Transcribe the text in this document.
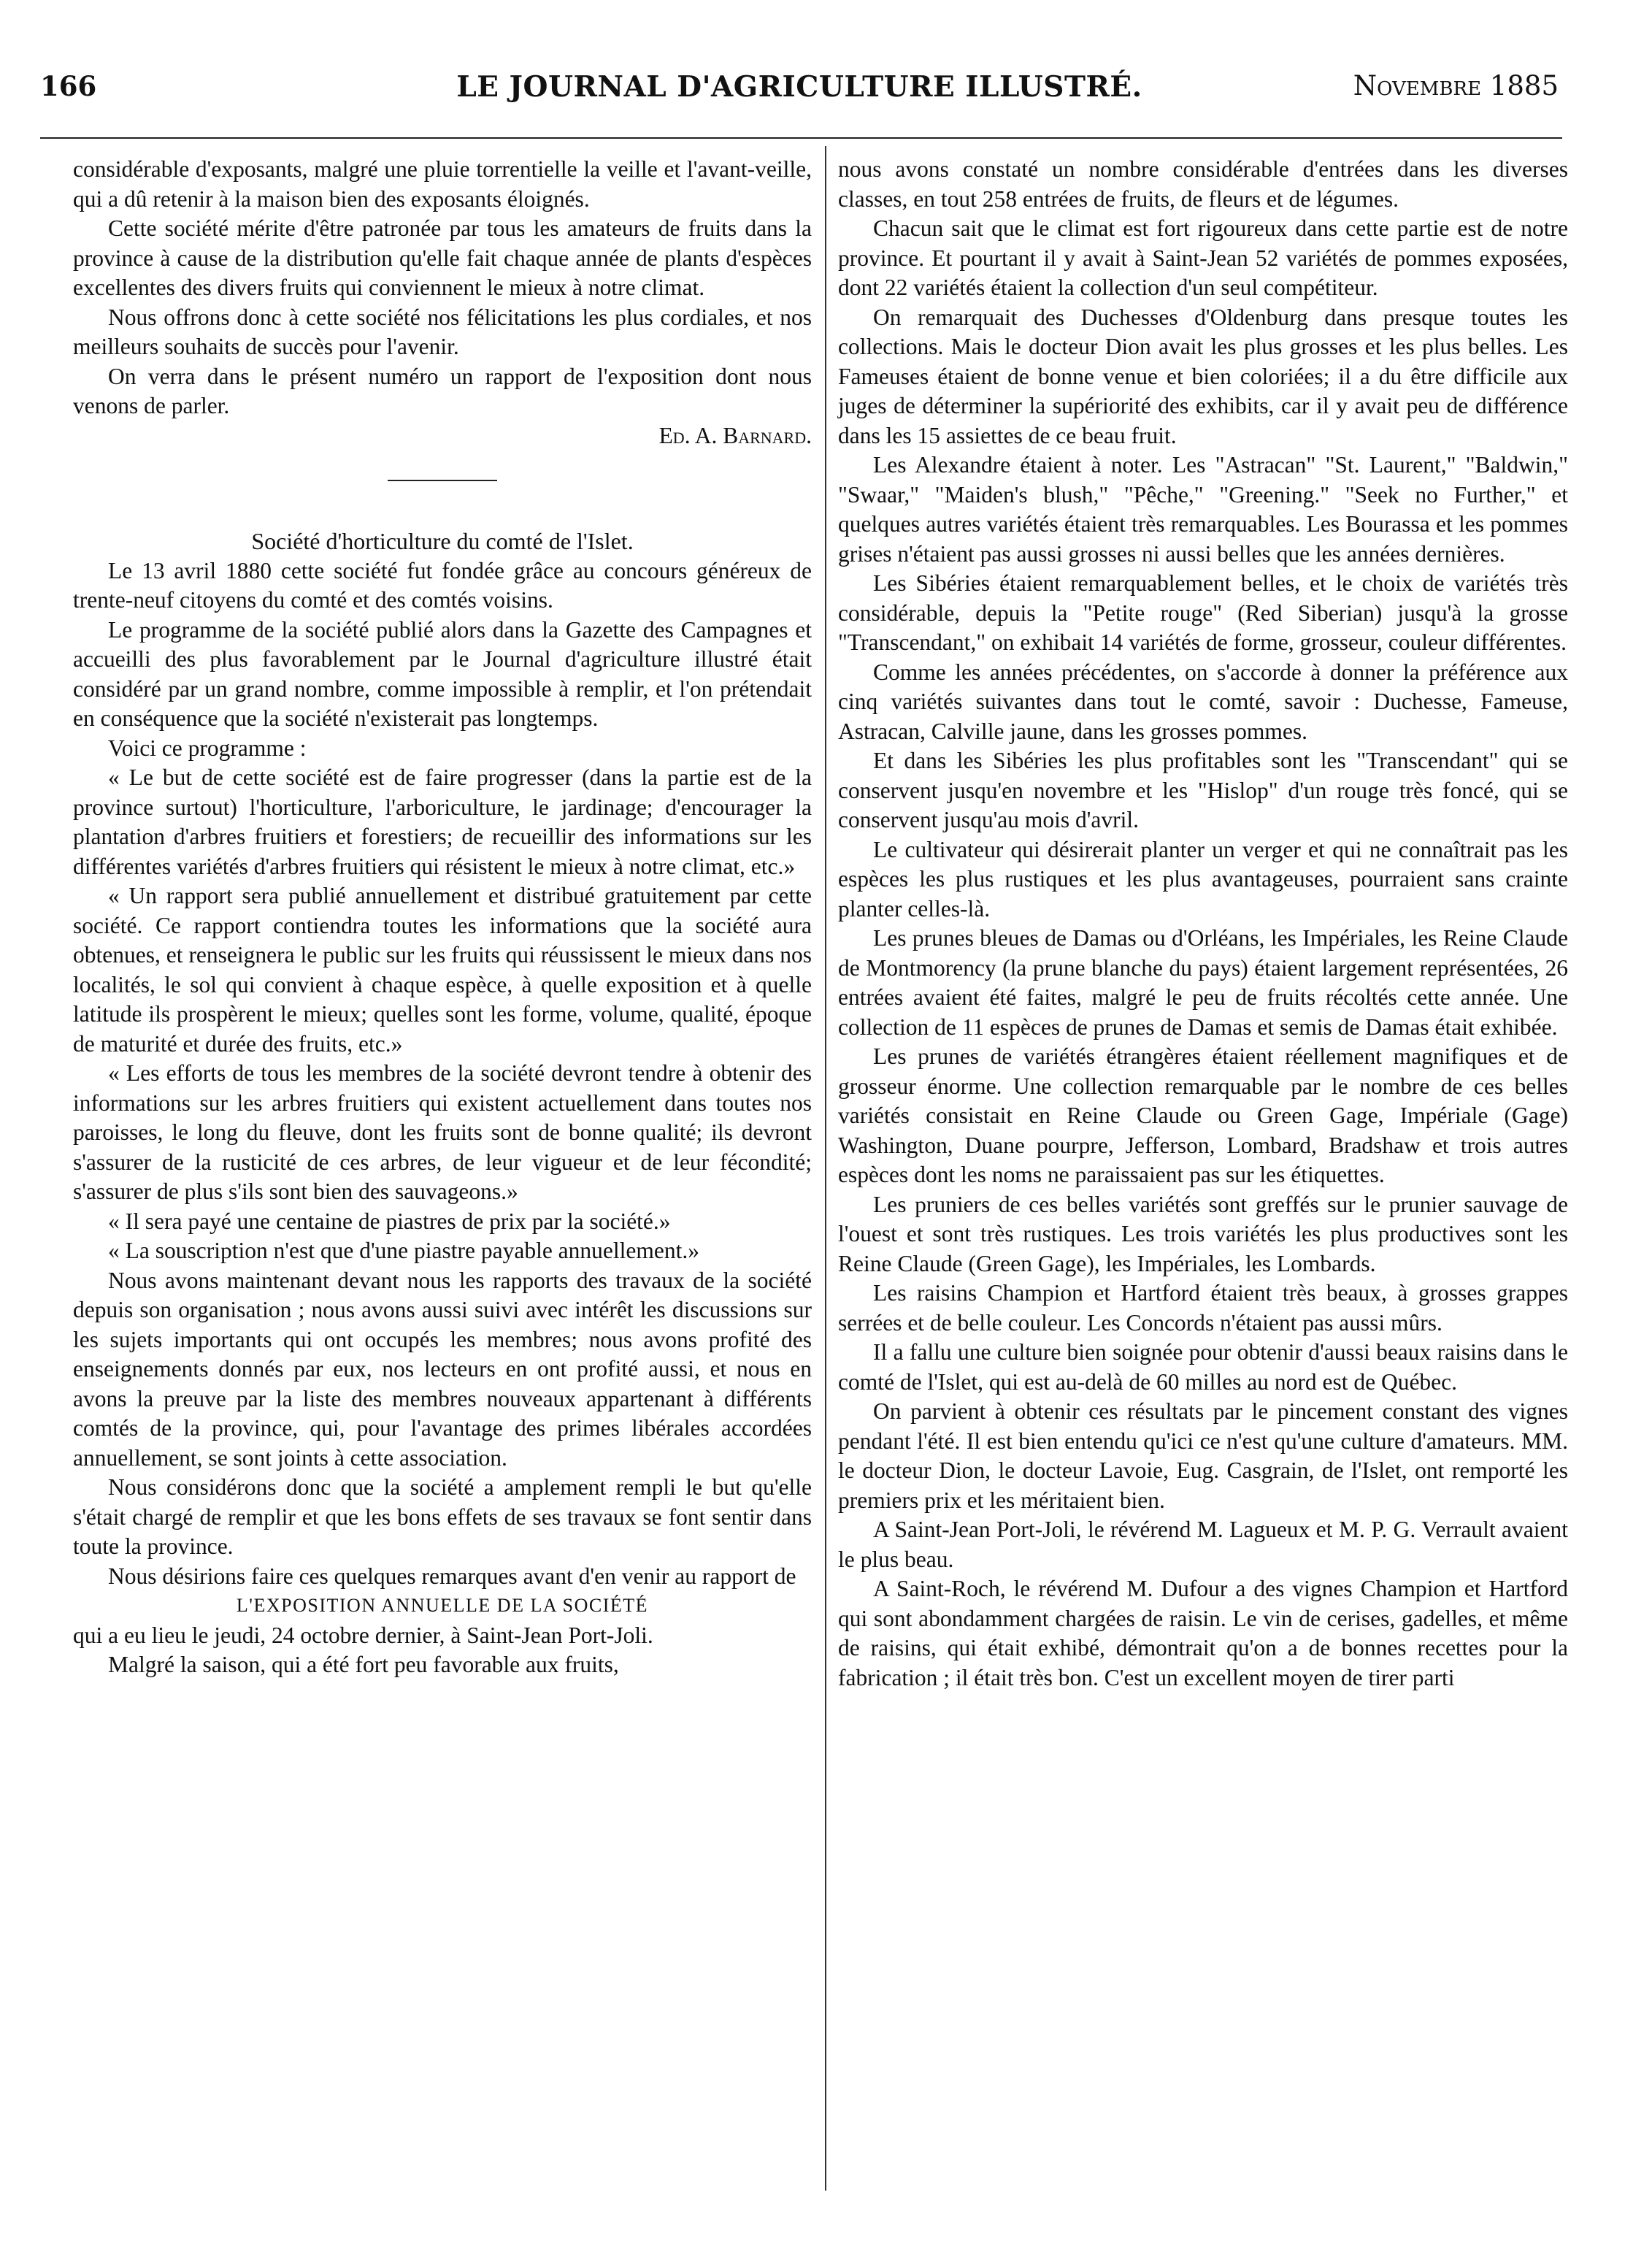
166	LE JOURNAL D'AGRICULTURE ILLUSTRÉ.	Novembre 1885

considérable d'exposants, malgré une pluie torrentielle la veille et l'avant-veille, qui a dû retenir à la maison bien des exposants éloignés.

Cette société mérite d'être patronée par tous les amateurs de fruits dans la province à cause de la distribution qu'elle fait chaque année de plants d'espèces excellentes des divers fruits qui conviennent le mieux à notre climat.

Nous offrons donc à cette société nos félicitations les plus cordiales, et nos meilleurs souhaits de succès pour l'avenir.

On verra dans le présent numéro un rapport de l'exposition dont nous venons de parler.

Ed. A. Barnard.

Société d'horticulture du comté de l'Islet.

Le 13 avril 1880 cette société fut fondée grâce au concours généreux de trente-neuf citoyens du comté et des comtés voisins.

Le programme de la société publié alors dans la Gazette des Campagnes et accueilli des plus favorablement par le Journal d'agriculture illustré était considéré par un grand nombre, comme impossible à remplir, et l'on prétendait en conséquence que la société n'existerait pas longtemps.

Voici ce programme :

« Le but de cette société est de faire progresser (dans la partie est de la province surtout) l'horticulture, l'arboriculture, le jardinage; d'encourager la plantation d'arbres fruitiers et forestiers; de recueillir des informations sur les différentes variétés d'arbres fruitiers qui résistent le mieux à notre climat, etc.»

« Un rapport sera publié annuellement et distribué gratuitement par cette société. Ce rapport contiendra toutes les informations que la société aura obtenues, et renseignera le public sur les fruits qui réussissent le mieux dans nos localités, le sol qui convient à chaque espèce, à quelle exposition et à quelle latitude ils prospèrent le mieux; quelles sont les forme, volume, qualité, époque de maturité et durée des fruits, etc.»

« Les efforts de tous les membres de la société devront tendre à obtenir des informations sur les arbres fruitiers qui existent actuellement dans toutes nos paroisses, le long du fleuve, dont les fruits sont de bonne qualité; ils devront s'assurer de la rusticité de ces arbres, de leur vigueur et de leur fécondité; s'assurer de plus s'ils sont bien des sauvageons.»

« Il sera payé une centaine de piastres de prix par la société.»

« La souscription n'est que d'une piastre payable annuellement.»

Nous avons maintenant devant nous les rapports des travaux de la société depuis son organisation ; nous avons aussi suivi avec intérêt les discussions sur les sujets importants qui ont occupés les membres; nous avons profité des enseignements donnés par eux, nos lecteurs en ont profité aussi, et nous en avons la preuve par la liste des membres nouveaux appartenant à différents comtés de la province, qui, pour l'avantage des primes libérales accordées annuellement, se sont joints à cette association.

Nous considérons donc que la société a amplement rempli le but qu'elle s'était chargé de remplir et que les bons effets de ses travaux se font sentir dans toute la province.

Nous désirions faire ces quelques remarques avant d'en venir au rapport de

L'EXPOSITION ANNUELLE DE LA SOCIÉTÉ

qui a eu lieu le jeudi, 24 octobre dernier, à Saint-Jean Port-Joli.

Malgré la saison, qui a été fort peu favorable aux fruits,

nous avons constaté un nombre considérable d'entrées dans les diverses classes, en tout 258 entrées de fruits, de fleurs et de légumes.

Chacun sait que le climat est fort rigoureux dans cette partie est de notre province. Et pourtant il y avait à Saint-Jean 52 variétés de pommes exposées, dont 22 variétés étaient la collection d'un seul compétiteur.

On remarquait des Duchesses d'Oldenburg dans presque toutes les collections. Mais le docteur Dion avait les plus grosses et les plus belles. Les Fameuses étaient de bonne venue et bien coloriées; il a du être difficile aux juges de déterminer la supériorité des exhibits, car il y avait peu de différence dans les 15 assiettes de ce beau fruit.

Les Alexandre étaient à noter. Les "Astracan" "St. Laurent," "Baldwin," "Swaar," "Maiden's blush," "Pêche," "Greening." "Seek no Further," et quelques autres variétés étaient très remarquables. Les Bourassa et les pommes grises n'étaient pas aussi grosses ni aussi belles que les années dernières.

Les Sibéries étaient remarquablement belles, et le choix de variétés très considérable, depuis la "Petite rouge" (Red Siberian) jusqu'à la grosse "Transcendant," on exhibait 14 variétés de forme, grosseur, couleur différentes.

Comme les années précédentes, on s'accorde à donner la préférence aux cinq variétés suivantes dans tout le comté, savoir : Duchesse, Fameuse, Astracan, Calville jaune, dans les grosses pommes.

Et dans les Sibéries les plus profitables sont les "Transcendant" qui se conservent jusqu'en novembre et les "Hislop" d'un rouge très foncé, qui se conservent jusqu'au mois d'avril.

Le cultivateur qui désirerait planter un verger et qui ne connaîtrait pas les espèces les plus rustiques et les plus avantageuses, pourraient sans crainte planter celles-là.

Les prunes bleues de Damas ou d'Orléans, les Impériales, les Reine Claude de Montmorency (la prune blanche du pays) étaient largement représentées, 26 entrées avaient été faites, malgré le peu de fruits récoltés cette année. Une collection de 11 espèces de prunes de Damas et semis de Damas était exhibée.

Les prunes de variétés étrangères étaient réellement magnifiques et de grosseur énorme. Une collection remarquable par le nombre de ces belles variétés consistait en Reine Claude ou Green Gage, Impériale (Gage) Washington, Duane pourpre, Jefferson, Lombard, Bradshaw et trois autres espèces dont les noms ne paraissaient pas sur les étiquettes.

Les pruniers de ces belles variétés sont greffés sur le prunier sauvage de l'ouest et sont très rustiques. Les trois variétés les plus productives sont les Reine Claude (Green Gage), les Impériales, les Lombards.

Les raisins Champion et Hartford étaient très beaux, à grosses grappes serrées et de belle couleur. Les Concords n'étaient pas aussi mûrs.

Il a fallu une culture bien soignée pour obtenir d'aussi beaux raisins dans le comté de l'Islet, qui est au-delà de 60 milles au nord est de Québec.

On parvient à obtenir ces résultats par le pincement constant des vignes pendant l'été. Il est bien entendu qu'ici ce n'est qu'une culture d'amateurs. MM. le docteur Dion, le docteur Lavoie, Eug. Casgrain, de l'Islet, ont remporté les premiers prix et les méritaient bien.

A Saint-Jean Port-Joli, le révérend M. Lagueux et M. P. G. Verrault avaient le plus beau.

A Saint-Roch, le révérend M. Dufour a des vignes Champion et Hartford qui sont abondamment chargées de raisin. Le vin de cerises, gadelles, et même de raisins, qui était exhibé, démontrait qu'on a de bonnes recettes pour la fabrication ; il était très bon. C'est un excellent moyen de tirer parti
